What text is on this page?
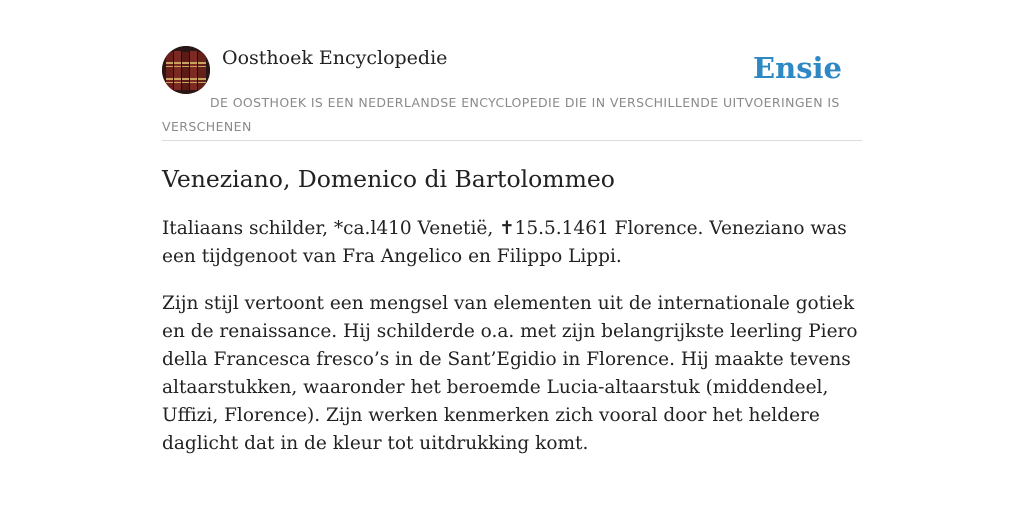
Oosthoek Encyclopedie	Ensie
DE OOSTHOEK IS EEN NEDERLANDSE ENCYCLOPEDIE DIE IN VERSCHILLENDE UITVOERINGEN IS VERSCHENEN
Veneziano, Domenico di Bartolommeo

Italiaans schilder, *ca.l410 Venetië, ✝15.5.1461 Florence. Veneziano was een tijdgenoot van Fra Angelico en Filippo Lippi.

Zijn stijl vertoont een mengsel van elementen uit de internationale gotiek en de renaissance. Hij schilderde o.a. met zijn belangrijkste leerling Piero della Francesca fresco’s in de Sant’Egidio in Florence. Hij maakte tevens altaarstukken, waaronder het beroemde Lucia-altaarstuk (middendeel, Uffizi, Florence). Zijn werken kenmerken zich vooral door het heldere daglicht dat in de kleur tot uitdrukking komt.
